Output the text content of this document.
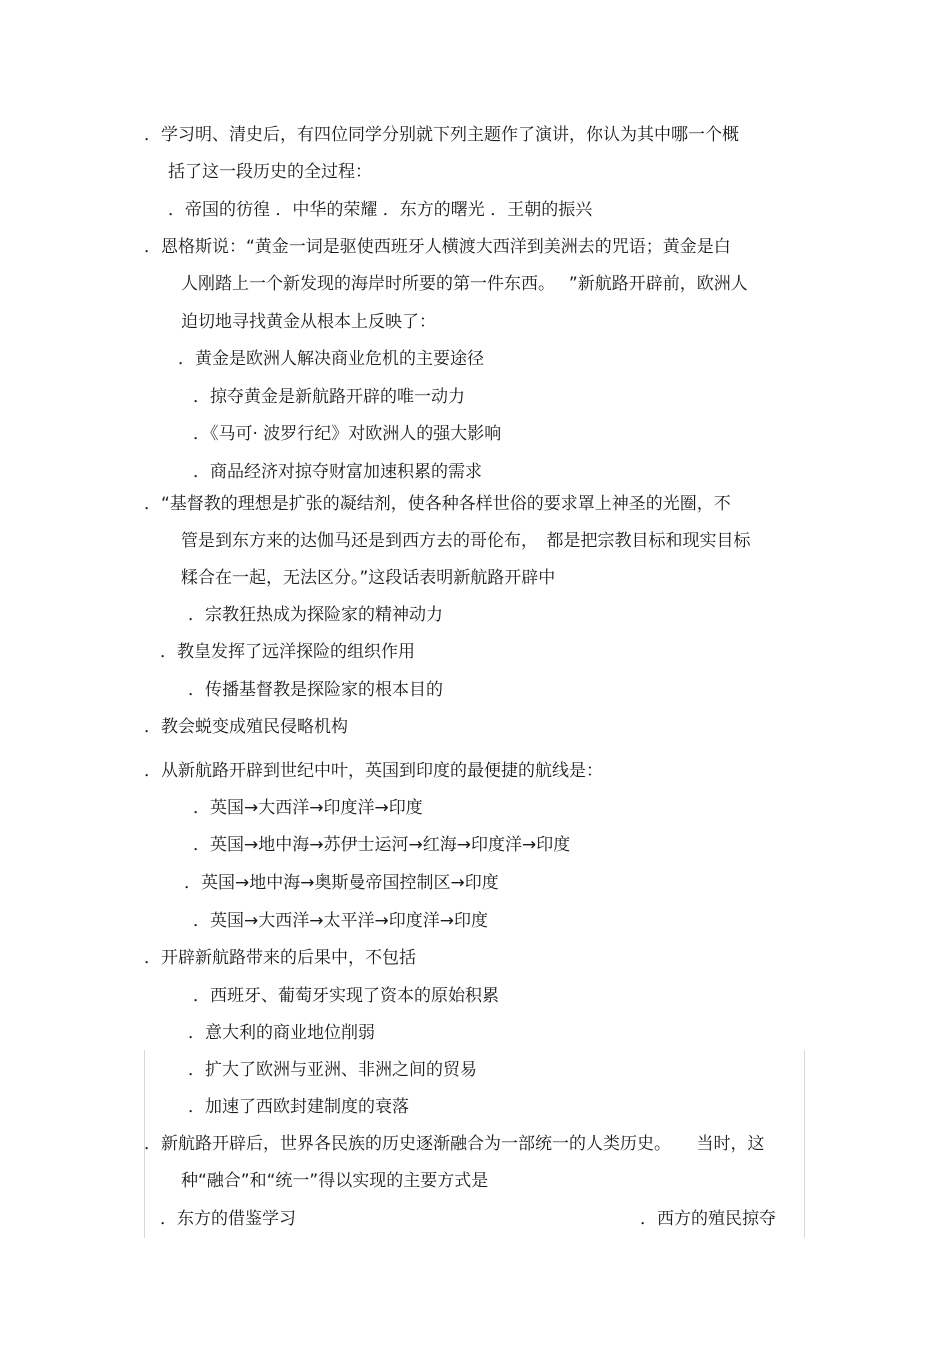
．学习明、清史后，有四位同学分别就下列主题作了演讲，你认为其中哪一个概
括了这一段历史的全过程：
．帝国的彷徨 ．中华的荣耀 ．东方的曙光 ．王朝的振兴
．恩格斯说：“黄金一词是驱使西班牙人横渡大西洋到美洲去的咒语；黄金是白
人刚踏上一个新发现的海岸时所要的第一件东西。　 ”新航路开辟前，欧洲人
迫切地寻找黄金从根本上反映了：
．黄金是欧洲人解决商业危机的主要途径
．掠夺黄金是新航路开辟的唯一动力
．《马可· 波罗行纪》对欧洲人的强大影响
．商品经济对掠夺财富加速积累的需求
．“基督教的理想是扩张的凝结剂，使各种各样世俗的要求罩上神圣的光圈，不
管是到东方来的达伽马还是到西方去的哥伦布，　都是把宗教目标和现实目标
糅合在一起，无法区分。”这段话表明新航路开辟中
．宗教狂热成为探险家的精神动力
．教皇发挥了远洋探险的组织作用
．传播基督教是探险家的根本目的
．教会蜕变成殖民侵略机构
．从新航路开辟到世纪中叶，英国到印度的最便捷的航线是：
．英国→大西洋→印度洋→印度
．英国→地中海→苏伊士运河→红海→印度洋→印度
．英国→地中海→奥斯曼帝国控制区→印度
．英国→大西洋→太平洋→印度洋→印度
．开辟新航路带来的后果中，不包括
．西班牙、葡萄牙实现了资本的原始积累
．意大利的商业地位削弱
．扩大了欧洲与亚洲、非洲之间的贸易
．加速了西欧封建制度的衰落
．新航路开辟后，世界各民族的历史逐渐融合为一部统一的人类历史。　　当时，这
种“融合”和“统一”得以实现的主要方式是
．东方的借鉴学习	．西方的殖民掠夺
